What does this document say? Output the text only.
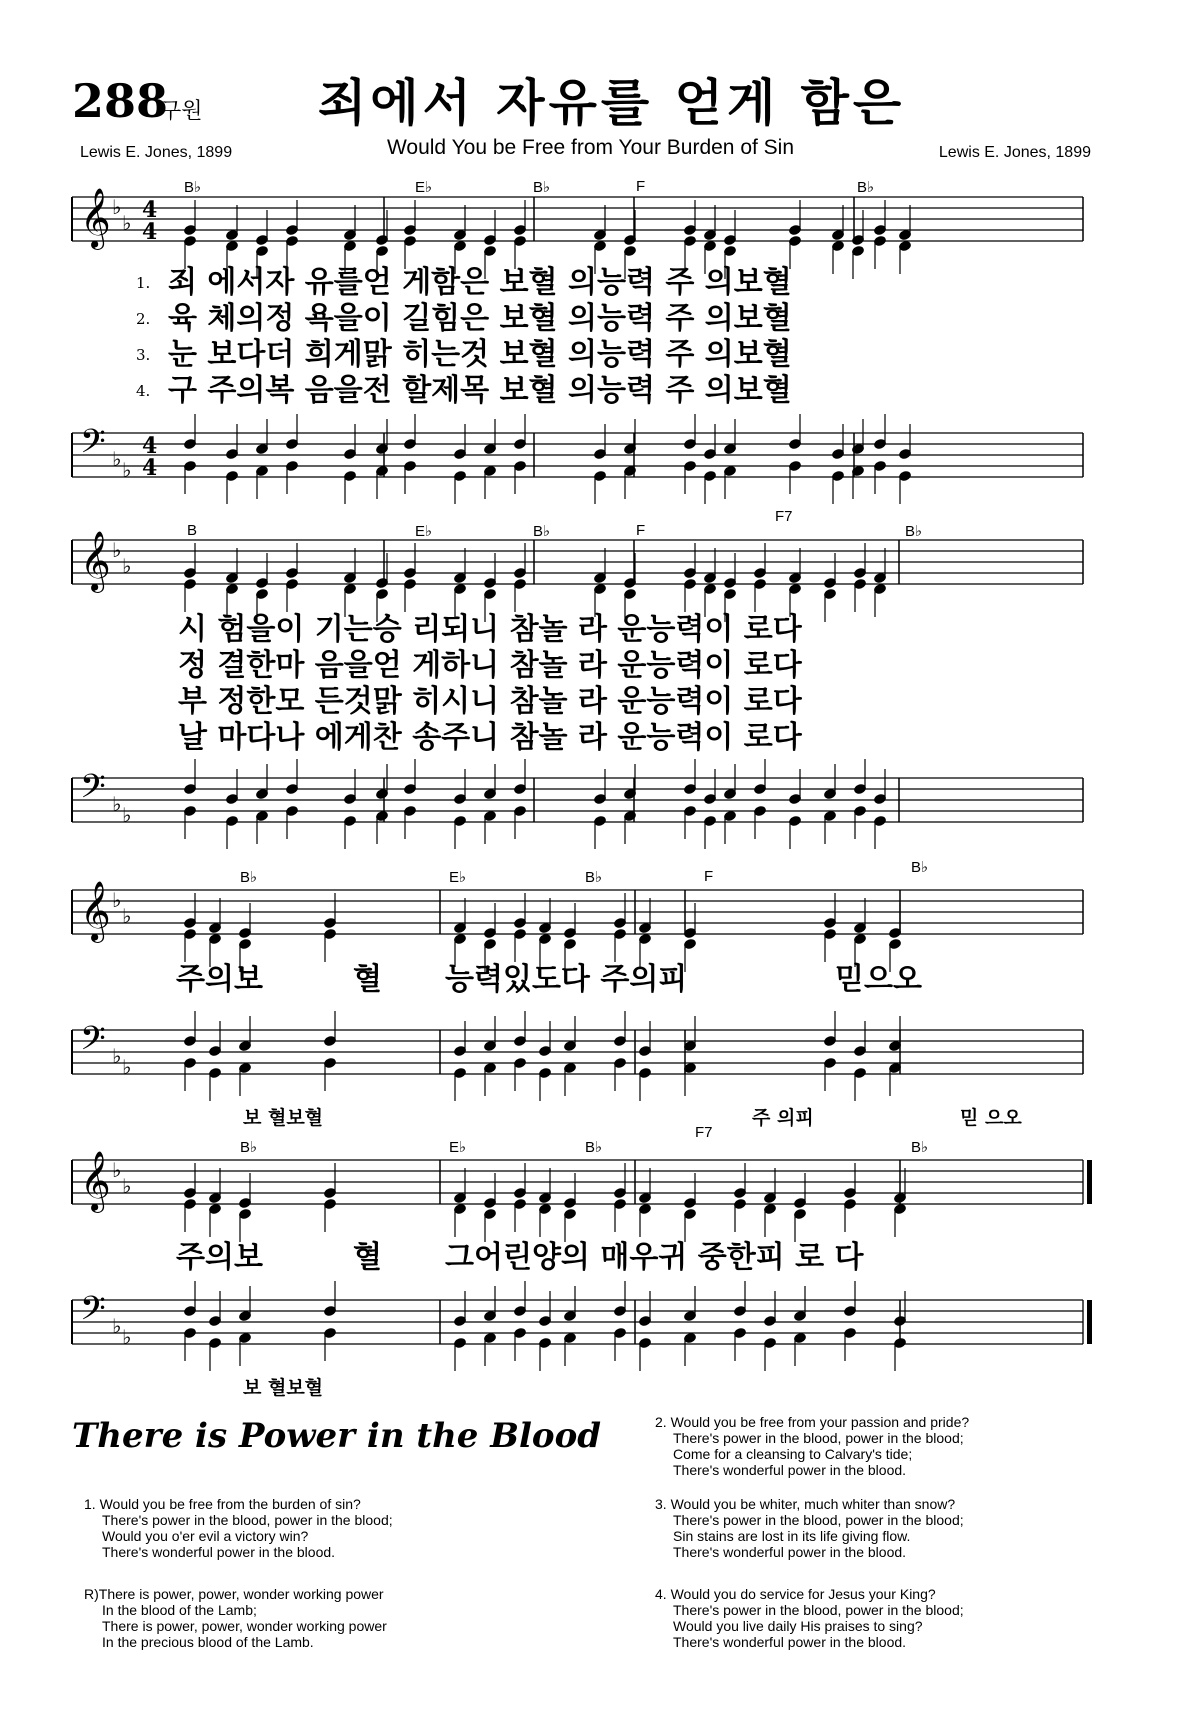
288
구원 죄에서 자유를 얻게 함은
Would You be Free from Your Burden of Sin
Lewis E. Jones, 1899	Lewis E. Jones, 1899
B♭	E♭	B♭	F	B♭
𝄞 ♭
♭ 4
4
1. 죄 에서자 유를얻 게함은 보혈 의능력 주 의보혈
2. 육 체의정 욕을이 길힘은 보혈 의능력 주 의보혈
3. 눈 보다더 희게맑 히는것 보혈 의능력 주 의보혈
4. 구 주의복 음을전 할제목 보혈 의능력 주 의보혈
𝄢 ♭ ♭
4
4
B	E♭	B♭	F
F7
B♭
𝄞 ♭
♭
시 험을이 기는승 리되니 참놀 라 운능력이 로다
정 결한마 음을얻 게하니 참놀 라 운능력이 로다
부 정한모 든것맑 히시니 참놀 라 운능력이 로다
날 마다나 에게찬 송주니 참놀 라 운능력이 로다
𝄢 ♭ ♭
B♭	E♭	B♭	F
B♭
𝄞 ♭
♭
주의보	혈 능력있도다 주의피	믿으오
𝄢 ♭ ♭
보 혈보혈	주 의피	믿 으오
B♭	E♭	B♭
F7
B♭
𝄞 ♭
♭
주의보	혈 그어린양의 매우귀 중한피 로 다
𝄢 ♭ ♭
보 혈보혈
There is Power in the Blood
1. Would you be free from the burden of sin?
There's power in the blood, power in the blood;
Would you o'er evil a victory win?
There's wonderful power in the blood.
R)There is power, power, wonder working power
In the blood of the Lamb;
There is power, power, wonder working power
In the precious blood of the Lamb.
2. Would you be free from your passion and pride?
There's power in the blood, power in the blood;
Come for a cleansing to Calvary's tide;
There's wonderful power in the blood.
3. Would you be whiter, much whiter than snow?
There's power in the blood, power in the blood;
Sin stains are lost in its life giving flow.
There's wonderful power in the blood.
4. Would you do service for Jesus your King?
There's power in the blood, power in the blood;
Would you live daily His praises to sing?
There's wonderful power in the blood.
